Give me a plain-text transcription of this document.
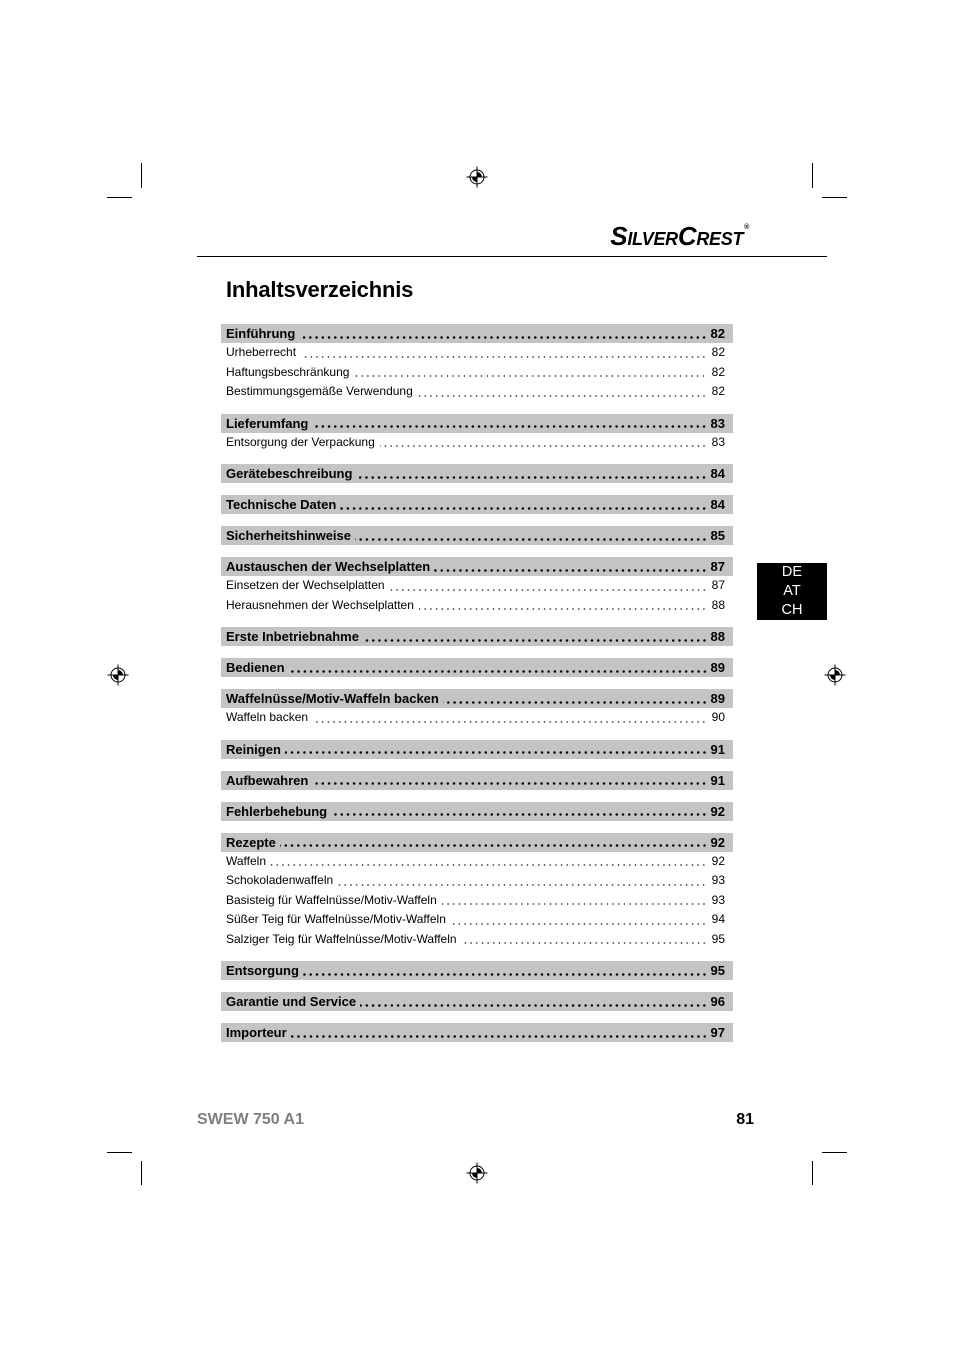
SilverCrest®
Inhaltsverzeichnis
Einführung	82
Urheberrecht	82
Haftungsbeschränkung	82
Bestimmungsgemäße Verwendung	82
Lieferumfang	83
Entsorgung der Verpackung	83
Gerätebeschreibung	84
Technische Daten	84
Sicherheitshinweise	85
Austauschen der Wechselplatten	87
Einsetzen der Wechselplatten	87
Herausnehmen der Wechselplatten	88
Erste Inbetriebnahme	88
Bedienen	89
Waffelnüsse/Motiv-Waffeln backen	89
Waffeln backen	90
Reinigen	91
Aufbewahren	91
Fehlerbehebung	92
Rezepte	92
Waffeln	92
Schokoladenwaffeln	93
Basisteig für Waffelnüsse/Motiv-Waffeln	93
Süßer Teig für Waffelnüsse/Motiv-Waffeln	94
Salziger Teig für Waffelnüsse/Motiv-Waffeln	95
Entsorgung	95
Garantie und Service	96
Importeur	97
DE
AT
CH
SWEW 750 A1	81
